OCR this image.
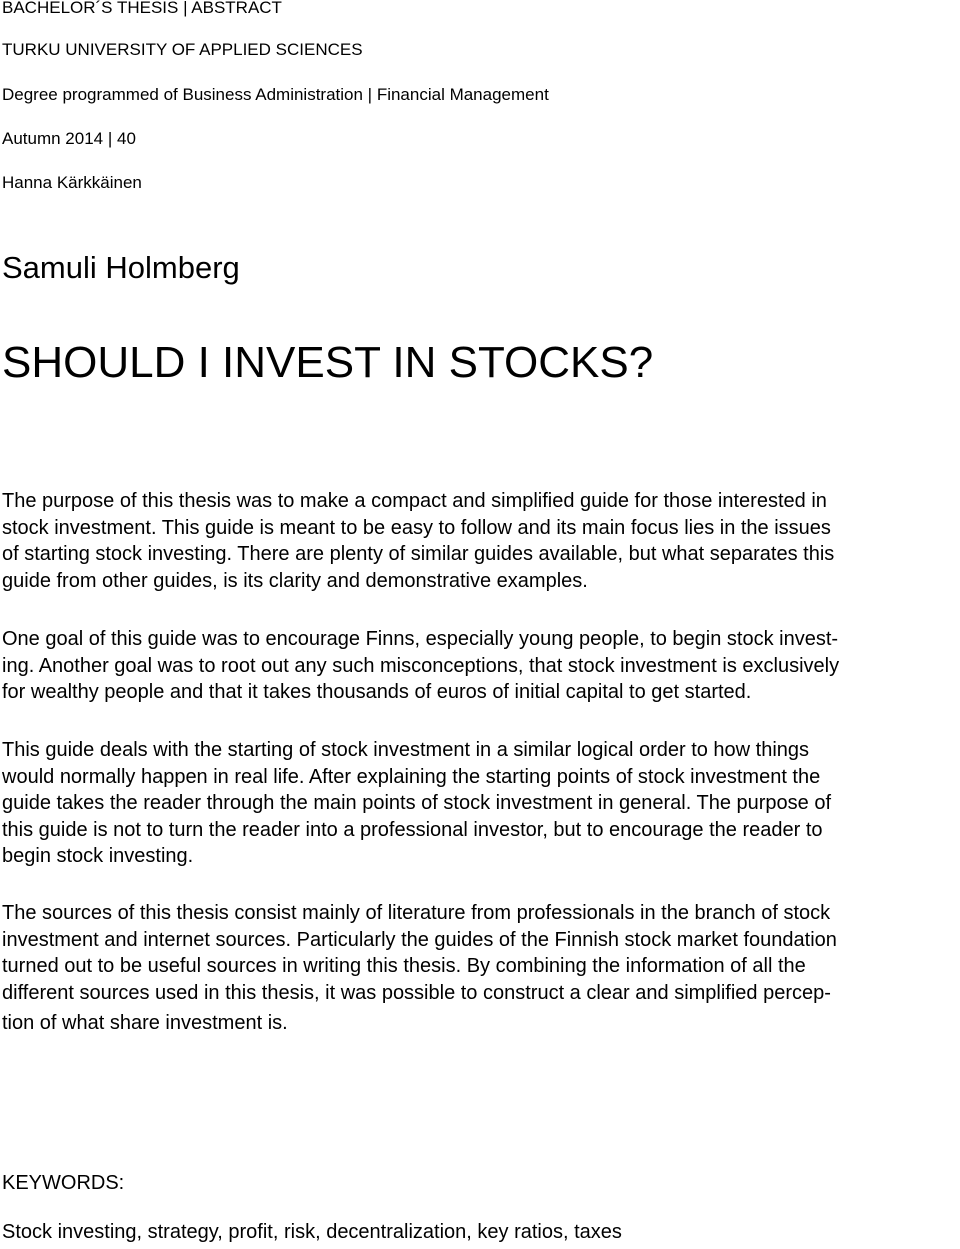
BACHELOR´S THESIS | ABSTRACT
TURKU UNIVERSITY OF APPLIED SCIENCES
Degree programmed of Business Administration | Financial Management
Autumn 2014 | 40
Hanna Kärkkäinen
Samuli Holmberg
SHOULD I INVEST IN STOCKS?
The purpose of this thesis was to make a compact and simplified guide for those interested in
stock investment. This guide is meant to be easy to follow and its main focus lies in the issues
of starting stock investing. There are plenty of similar guides available, but what separates this
guide from other guides, is its clarity and demonstrative examples.
One goal of this guide was to encourage Finns, especially young people, to begin stock invest-
ing. Another goal was to root out any such misconceptions, that stock investment is exclusively
for wealthy people and that it takes thousands of euros of initial capital to get started.
This guide deals with the starting of stock investment in a similar logical order to how things
would normally happen in real life. After explaining the starting points of stock investment the
guide takes the reader through the main points of stock investment in general. The purpose of
this guide is not to turn the reader into a professional investor, but to encourage the reader to
begin stock investing.
The sources of this thesis consist mainly of literature from professionals in the branch of stock
investment and internet sources. Particularly the guides of the Finnish stock market foundation
turned out to be useful sources in writing this thesis. By combining the information of all the
different sources used in this thesis, it was possible to construct a clear and simplified percep-
tion of what share investment is.
KEYWORDS:
Stock investing, strategy, profit, risk, decentralization, key ratios, taxes
